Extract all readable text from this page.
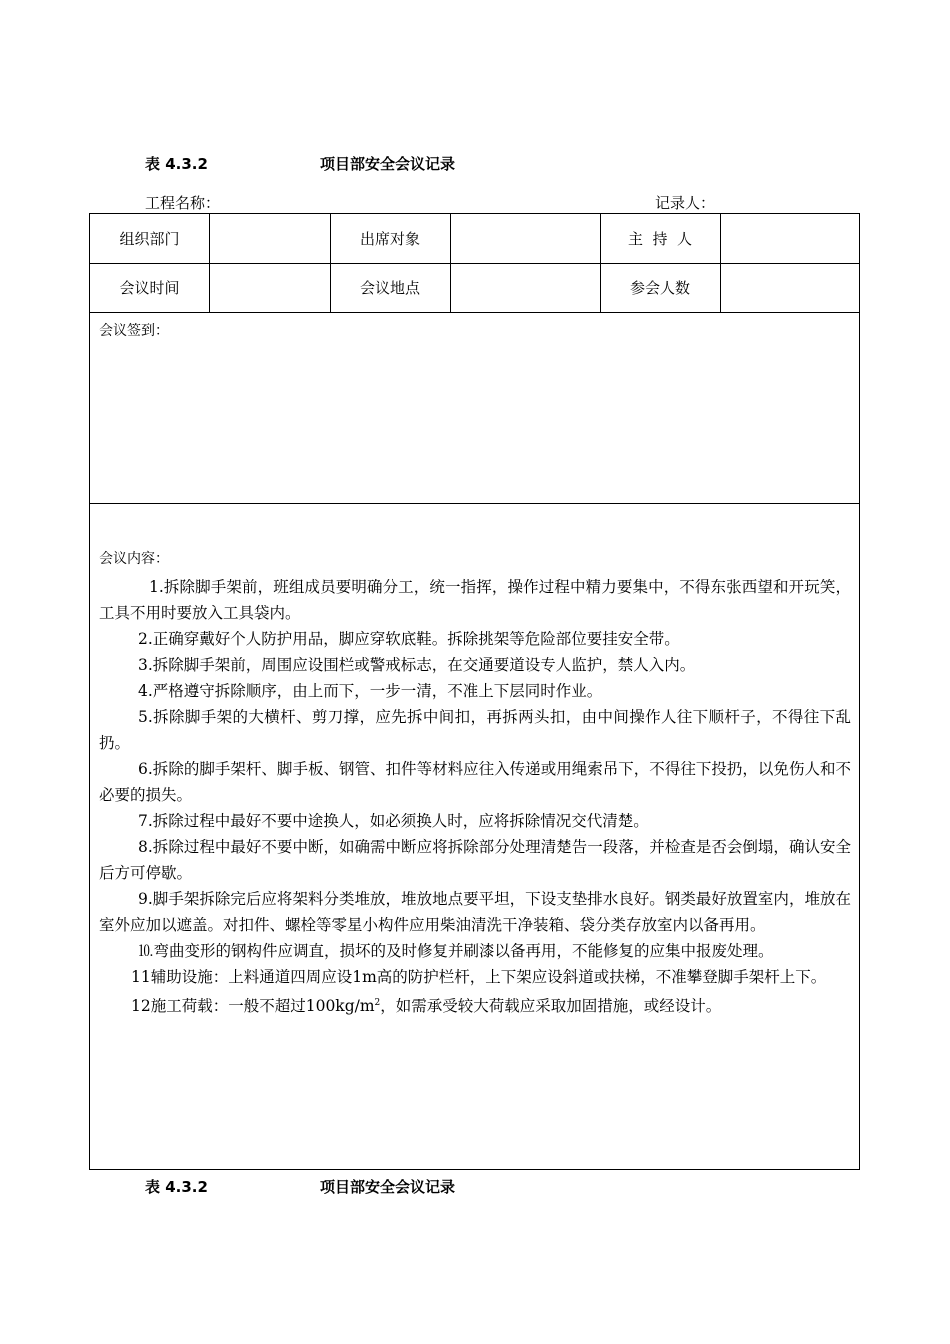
表 4.3.2	项目部安全会议记录
工程名称：	记录人：
组织部门	出席对象	主  持  人
会议时间	会议地点	参会人数
会议签到：
会议内容：

1.拆除脚手架前，班组成员要明确分工，统一指挥，操作过程中精力要集中，不得东张西望和开玩笑，工具不用时要放入工具袋内。

2.正确穿戴好个人防护用品，脚应穿软底鞋。拆除挑架等危险部位要挂安全带。

3.拆除脚手架前，周围应设围栏或警戒标志，在交通要道设专人监护，禁人入内。

4.严格遵守拆除顺序，由上而下，一步一清，不准上下层同时作业。

5.拆除脚手架的大横杆、剪刀撑，应先拆中间扣，再拆两头扣，由中间操作人往下顺杆子，不得往下乱扔。

6.拆除的脚手架杆、脚手板、钢管、扣件等材料应往入传递或用绳索吊下，不得往下投扔，以免伤人和不必要的损失。

7.拆除过程中最好不要中途换人，如必须换人时，应将拆除情况交代清楚。

8.拆除过程中最好不要中断，如确需中断应将拆除部分处理清楚告一段落，并检查是否会倒塌，确认安全后方可停歇。

9.脚手架拆除完后应将架料分类堆放，堆放地点要平坦，下设支垫排水良好。钢类最好放置室内，堆放在室外应加以遮盖。对扣件、螺栓等零星小构件应用柴油清洗干净装箱、袋分类存放室内以备再用。

⒑弯曲变形的钢构件应调直，损坏的及时修复并刷漆以备再用，不能修复的应集中报废处理。

11辅助设施：上料通道四周应设1m高的防护栏杆，上下架应设斜道或扶梯，不准攀登脚手架杆上下。

12施工荷载：一般不超过$100kg/m^2$，如需承受较大荷载应采取加固措施，或经设计。

表 4.3.2	项目部安全会议记录
